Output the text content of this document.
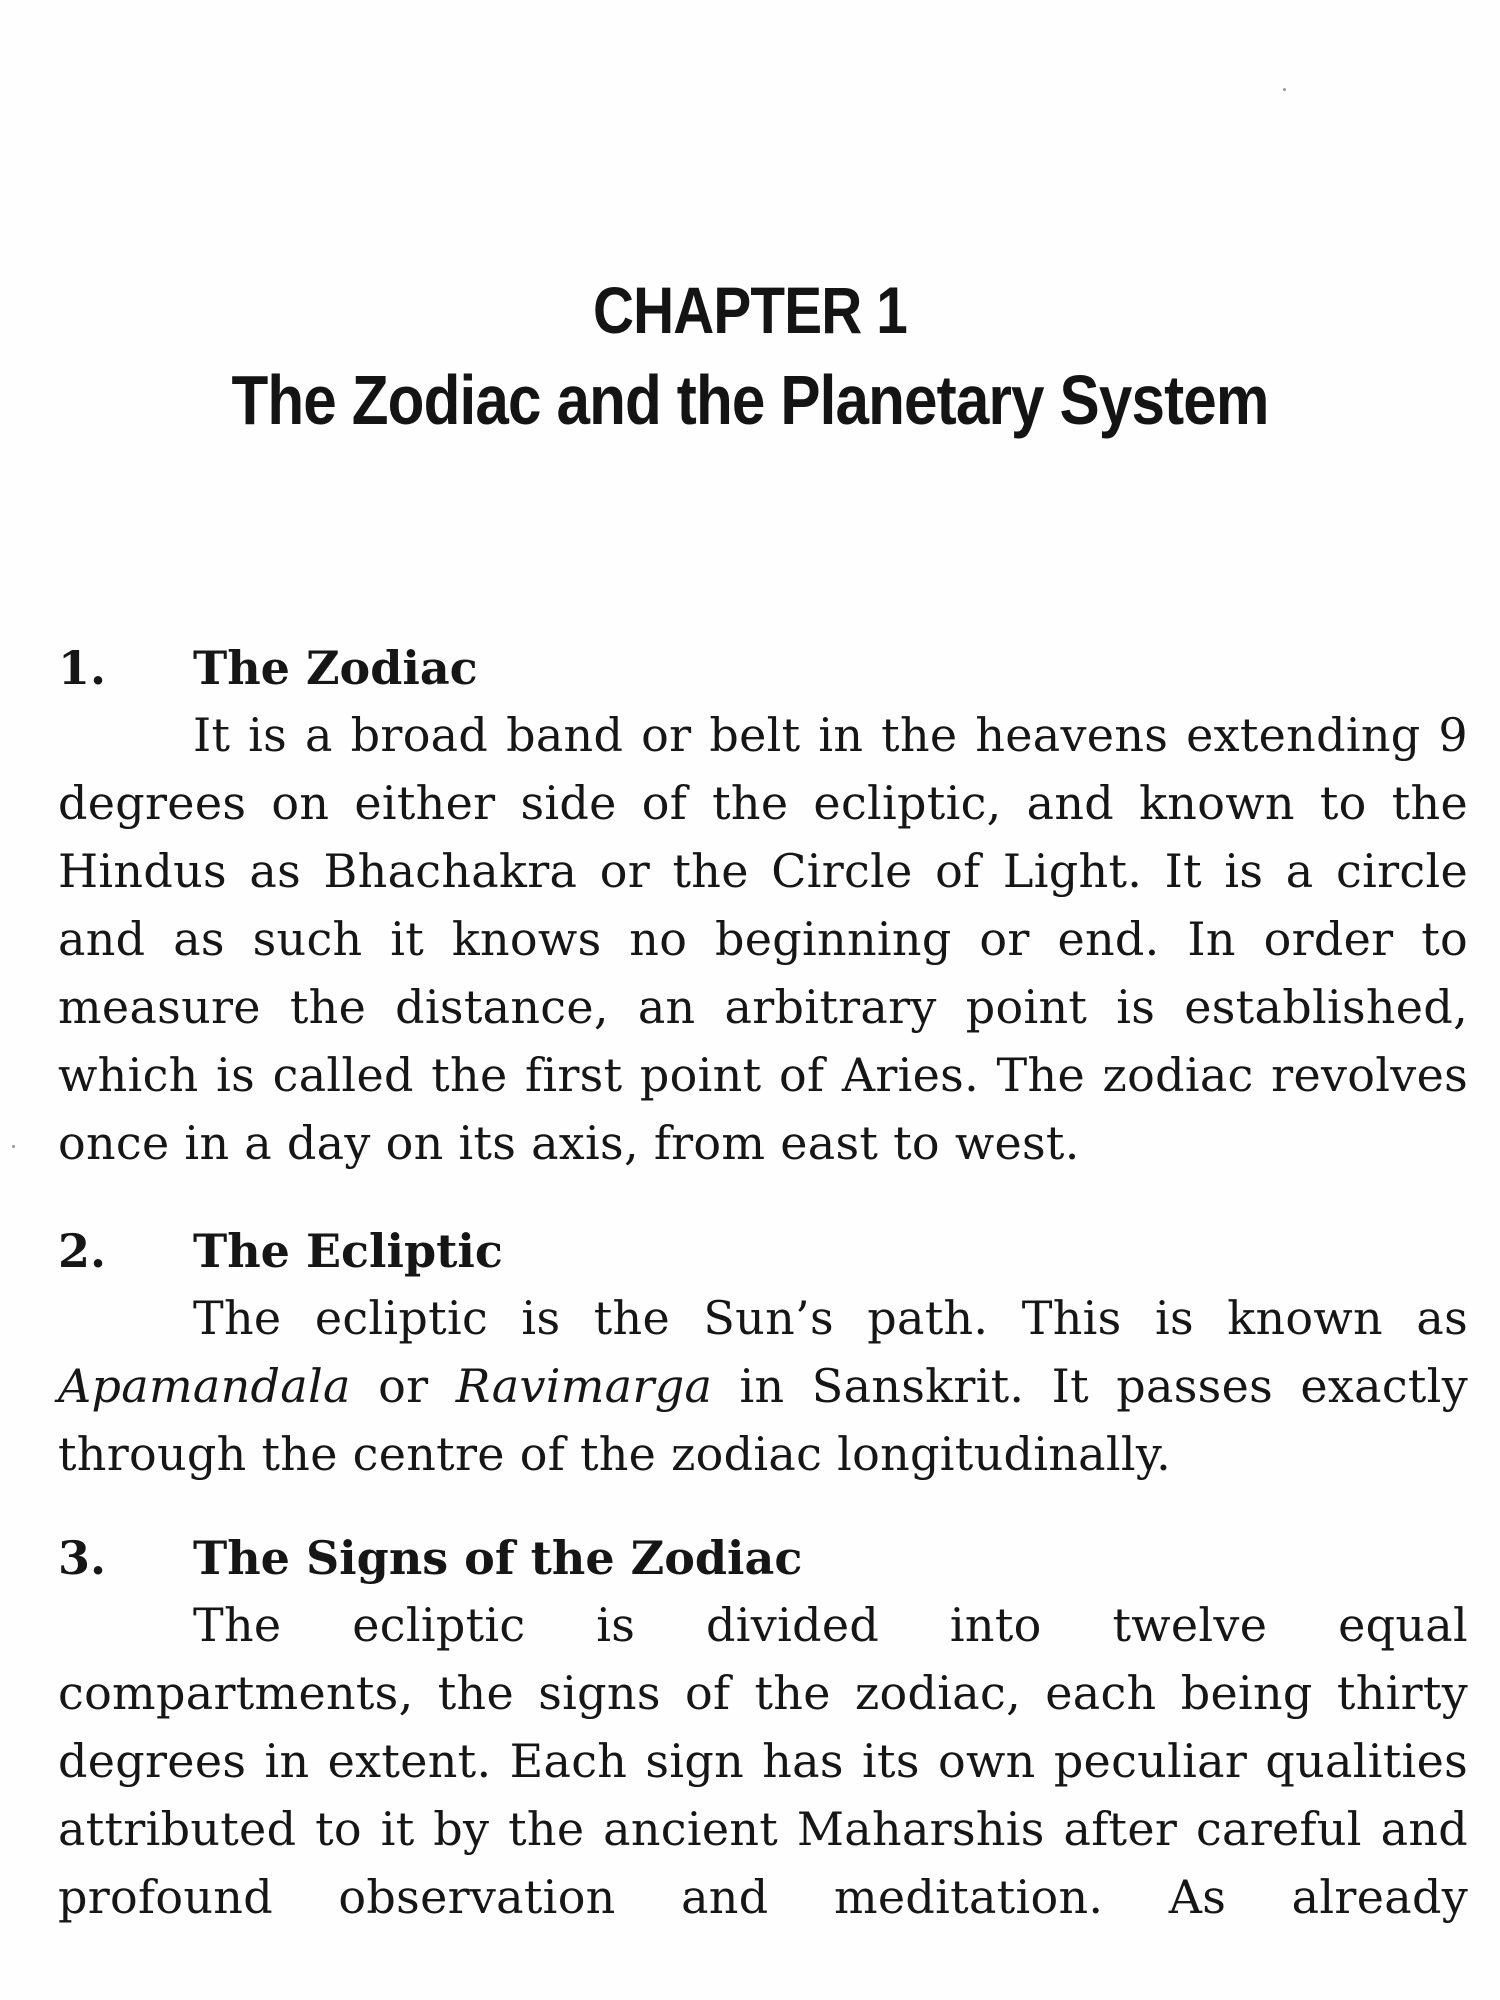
CHAPTER 1
The Zodiac and the Planetary System
1. The Zodiac

It is a broad band or belt in the heavens extending 9 degrees on either side of the ecliptic, and known to the Hindus as Bhachakra or the Circle of Light. It is a circle and as such it knows no beginning or end. In order to measure the distance, an arbitrary point is established, which is called the first point of Aries. The zodiac revolves once in a day on its axis, from east to west.

2. The Ecliptic

The ecliptic is the Sun’s path. This is known as Apamandala or Ravimarga in Sanskrit. It passes exactly through the centre of the zodiac longitudinally.

3. The Signs of the Zodiac

The ecliptic is divided into twelve equal compartments, the signs of the zodiac, each being thirty degrees in extent. Each sign has its own peculiar qualities attributed to it by the ancient Maharshis after careful and profound observation and meditation. As already
